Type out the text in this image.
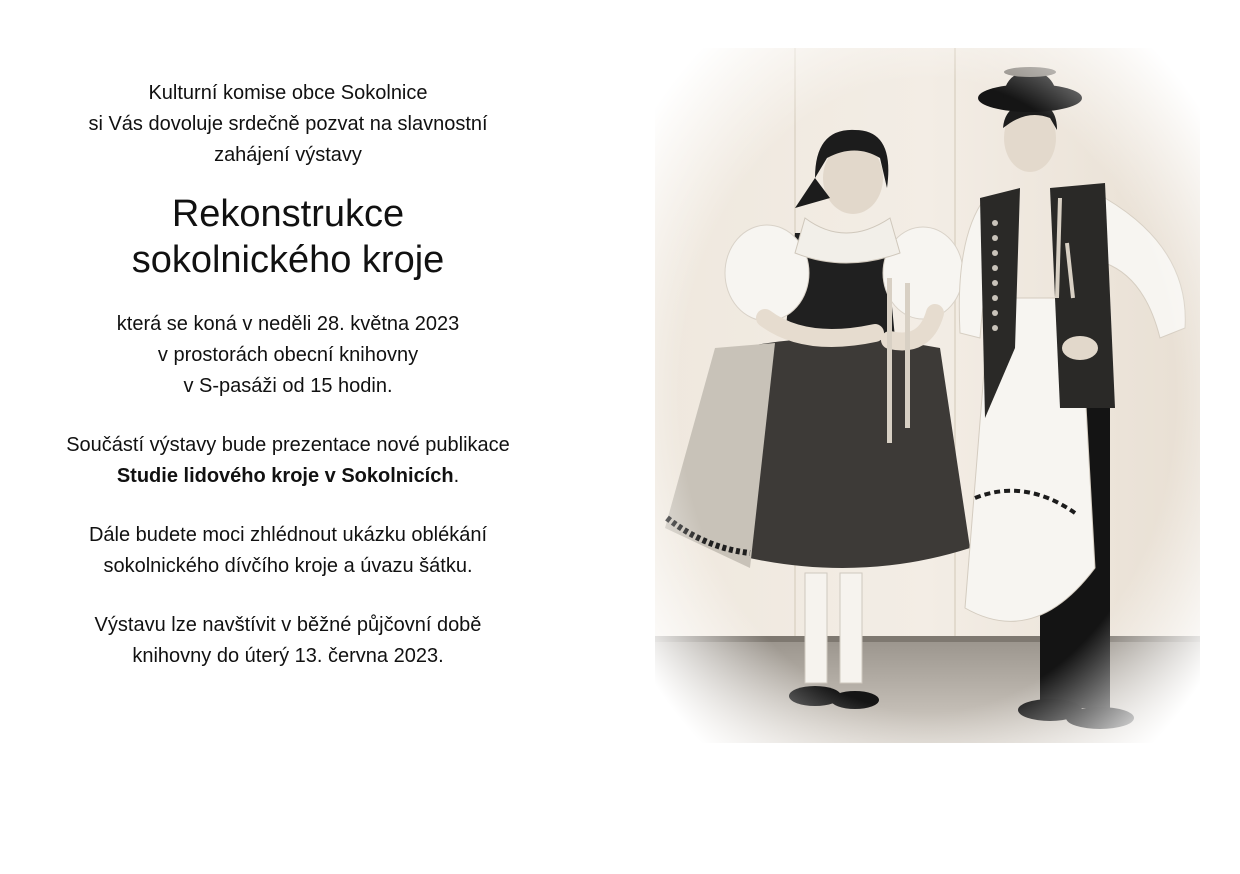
Kulturní komise obce Sokolnice
si Vás dovoluje srdečně pozvat na slavnostní
zahájení výstavy

Rekonstrukce
sokolnického kroje

která se koná v neděli 28. května 2023
v prostorách obecní knihovny
v S-pasáži od 15 hodin.

Součástí výstavy bude prezentace nové publikace
Studie lidového kroje v Sokolnicích.

Dále budete moci zhlédnout ukázku oblékání
sokolnického dívčího kroje a úvazu šátku.

Výstavu lze navštívit v běžné půjčovní době
knihovny do úterý 13. června 2023.
